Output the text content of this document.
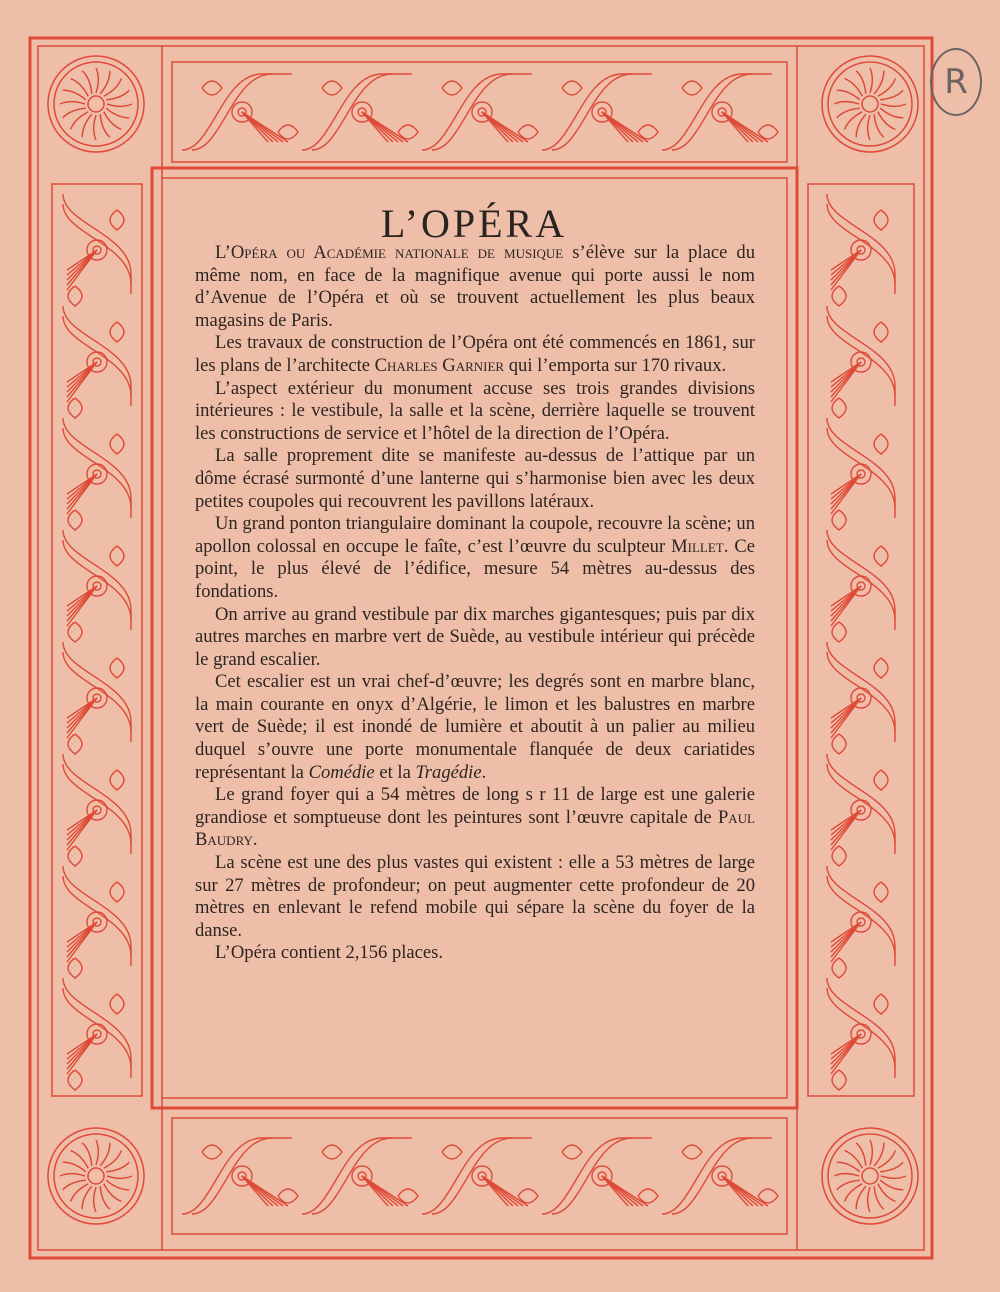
L’OPÉRA

L’Opéra ou Académie nationale de musique s’élève sur la place du même nom, en face de la magnifique avenue qui porte aussi le nom d’Avenue de l’Opéra et où se trouvent actuellement les plus beaux magasins de Paris.

Les travaux de construction de l’Opéra ont été commencés en 1861, sur les plans de l’architecte Charles Garnier qui l’emporta sur 170 rivaux.

L’aspect extérieur du monument accuse ses trois grandes divisions intérieures : le vestibule, la salle et la scène, derrière laquelle se trouvent les constructions de service et l’hôtel de la direction de l’Opéra.

La salle proprement dite se manifeste au-dessus de l’attique par un dôme écrasé surmonté d’une lanterne qui s’harmonise bien avec les deux petites coupoles qui recouvrent les pavillons latéraux.

Un grand ponton triangulaire dominant la coupole, recouvre la scène; un apollon colossal en occupe le faîte, c’est l’œuvre du sculpteur Millet. Ce point, le plus élevé de l’édifice, mesure 54 mètres au-dessus des fondations.

On arrive au grand vestibule par dix marches gigantesques; puis par dix autres marches en marbre vert de Suède, au vestibule intérieur qui précède le grand escalier.

Cet escalier est un vrai chef-d’œuvre; les degrés sont en marbre blanc, la main courante en onyx d’Algérie, le limon et les balustres en marbre vert de Suède; il est inondé de lumière et aboutit à un palier au milieu duquel s’ouvre une porte monumentale flanquée de deux cariatides représentant la Comédie et la Tragédie.

Le grand foyer qui a 54 mètres de long s r 11 de large est une galerie grandiose et somptueuse dont les peintures sont l’œuvre capitale de Paul Baudry.

La scène est une des plus vastes qui existent : elle a 53 mètres de large sur 27 mètres de profondeur; on peut augmenter cette profondeur de 20 mètres en enlevant le refend mobile qui sépare la scène du foyer de la danse.

L’Opéra contient 2,156 places.

R
